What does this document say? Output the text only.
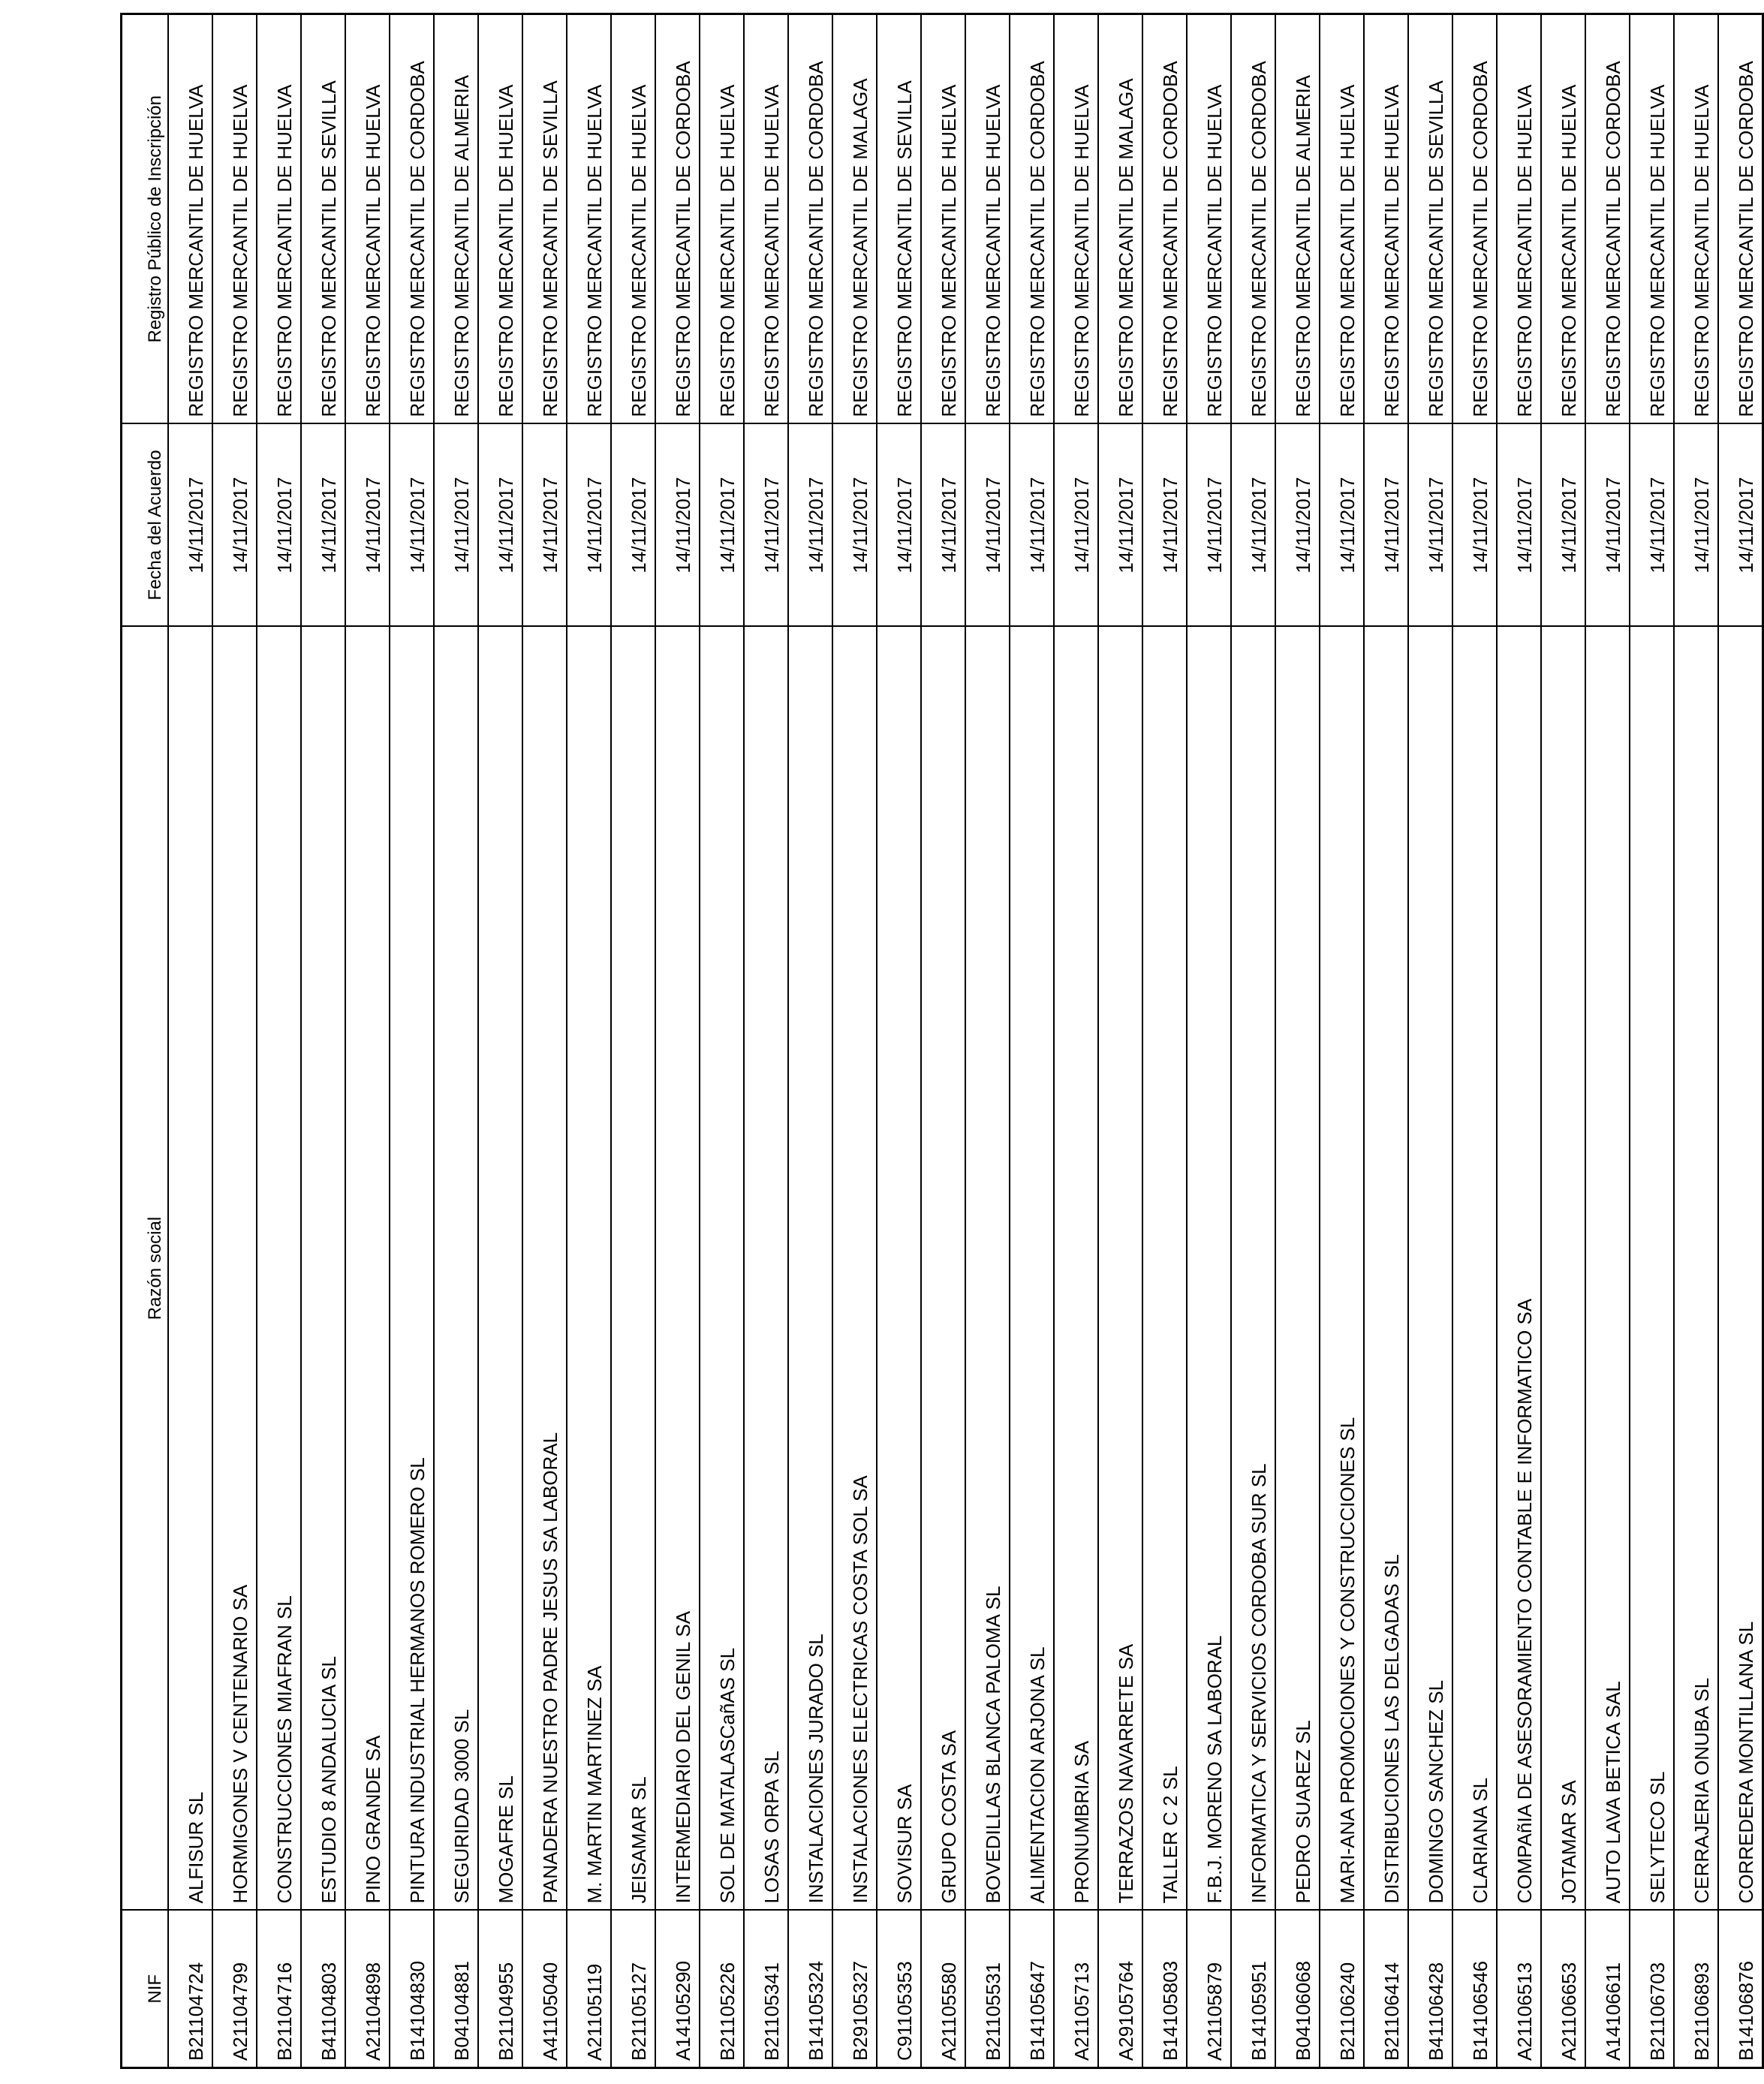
NIF	Razón social	Fecha del Acuerdo	Registro Público de Inscripción
B21104724	ALFISUR SL	14/11/2017	REGISTRO MERCANTIL DE HUELVA
A21104799	HORMIGONES V CENTENARIO SA	14/11/2017	REGISTRO MERCANTIL DE HUELVA
B21104716	CONSTRUCCIONES MIAFRAN SL	14/11/2017	REGISTRO MERCANTIL DE HUELVA
B41104803	ESTUDIO 8 ANDALUCIA SL	14/11/2017	REGISTRO MERCANTIL DE SEVILLA
A21104898	PINO GRANDE SA	14/11/2017	REGISTRO MERCANTIL DE HUELVA
B14104830	PINTURA INDUSTRIAL HERMANOS ROMERO SL	14/11/2017	REGISTRO MERCANTIL DE CORDOBA
B04104881	SEGURIDAD 3000 SL	14/11/2017	REGISTRO MERCANTIL DE ALMERIA
B21104955	MOGAFRE SL	14/11/2017	REGISTRO MERCANTIL DE HUELVA
A41105040	PANADERA NUESTRO PADRE JESUS SA LABORAL	14/11/2017	REGISTRO MERCANTIL DE SEVILLA
A21105119	M. MARTIN MARTINEZ SA	14/11/2017	REGISTRO MERCANTIL DE HUELVA
B21105127	JEISAMAR SL	14/11/2017	REGISTRO MERCANTIL DE HUELVA
A14105290	INTERMEDIARIO DEL GENIL SA	14/11/2017	REGISTRO MERCANTIL DE CORDOBA
B21105226	SOL DE MATALASCañAS SL	14/11/2017	REGISTRO MERCANTIL DE HUELVA
B21105341	LOSAS ORPA SL	14/11/2017	REGISTRO MERCANTIL DE HUELVA
B14105324	INSTALACIONES JURADO SL	14/11/2017	REGISTRO MERCANTIL DE CORDOBA
B29105327	INSTALACIONES ELECTRICAS COSTA SOL SA	14/11/2017	REGISTRO MERCANTIL DE MALAGA
C91105353	SOVISUR SA	14/11/2017	REGISTRO MERCANTIL DE SEVILLA
A21105580	GRUPO COSTA SA	14/11/2017	REGISTRO MERCANTIL DE HUELVA
B21105531	BOVEDILLAS BLANCA PALOMA SL	14/11/2017	REGISTRO MERCANTIL DE HUELVA
B14105647	ALIMENTACION ARJONA SL	14/11/2017	REGISTRO MERCANTIL DE CORDOBA
A21105713	PRONUMBRIA SA	14/11/2017	REGISTRO MERCANTIL DE HUELVA
A29105764	TERRAZOS NAVARRETE SA	14/11/2017	REGISTRO MERCANTIL DE MALAGA
B14105803	TALLER C 2 SL	14/11/2017	REGISTRO MERCANTIL DE CORDOBA
A21105879	F.B.J. MORENO SA LABORAL	14/11/2017	REGISTRO MERCANTIL DE HUELVA
B14105951	INFORMATICA Y SERVICIOS CORDOBA SUR SL	14/11/2017	REGISTRO MERCANTIL DE CORDOBA
B04106068	PEDRO SUAREZ SL	14/11/2017	REGISTRO MERCANTIL DE ALMERIA
B21106240	MARI-ANA PROMOCIONES Y CONSTRUCCIONES SL	14/11/2017	REGISTRO MERCANTIL DE HUELVA
B21106414	DISTRIBUCIONES LAS DELGADAS SL	14/11/2017	REGISTRO MERCANTIL DE HUELVA
B41106428	DOMINGO SANCHEZ SL	14/11/2017	REGISTRO MERCANTIL DE SEVILLA
B14106546	CLARIANA SL	14/11/2017	REGISTRO MERCANTIL DE CORDOBA
A21106513	COMPAñIA DE ASESORAMIENTO CONTABLE E INFORMATICO SA	14/11/2017	REGISTRO MERCANTIL DE HUELVA
A21106653	JOTAMAR SA	14/11/2017	REGISTRO MERCANTIL DE HUELVA
A14106611	AUTO LAVA BETICA SAL	14/11/2017	REGISTRO MERCANTIL DE CORDOBA
B21106703	SELYTECO SL	14/11/2017	REGISTRO MERCANTIL DE HUELVA
B21106893	CERRAJERIA ONUBA SL	14/11/2017	REGISTRO MERCANTIL DE HUELVA
B14106876	CORREDERA MONTILLANA SL	14/11/2017	REGISTRO MERCANTIL DE CORDOBA
